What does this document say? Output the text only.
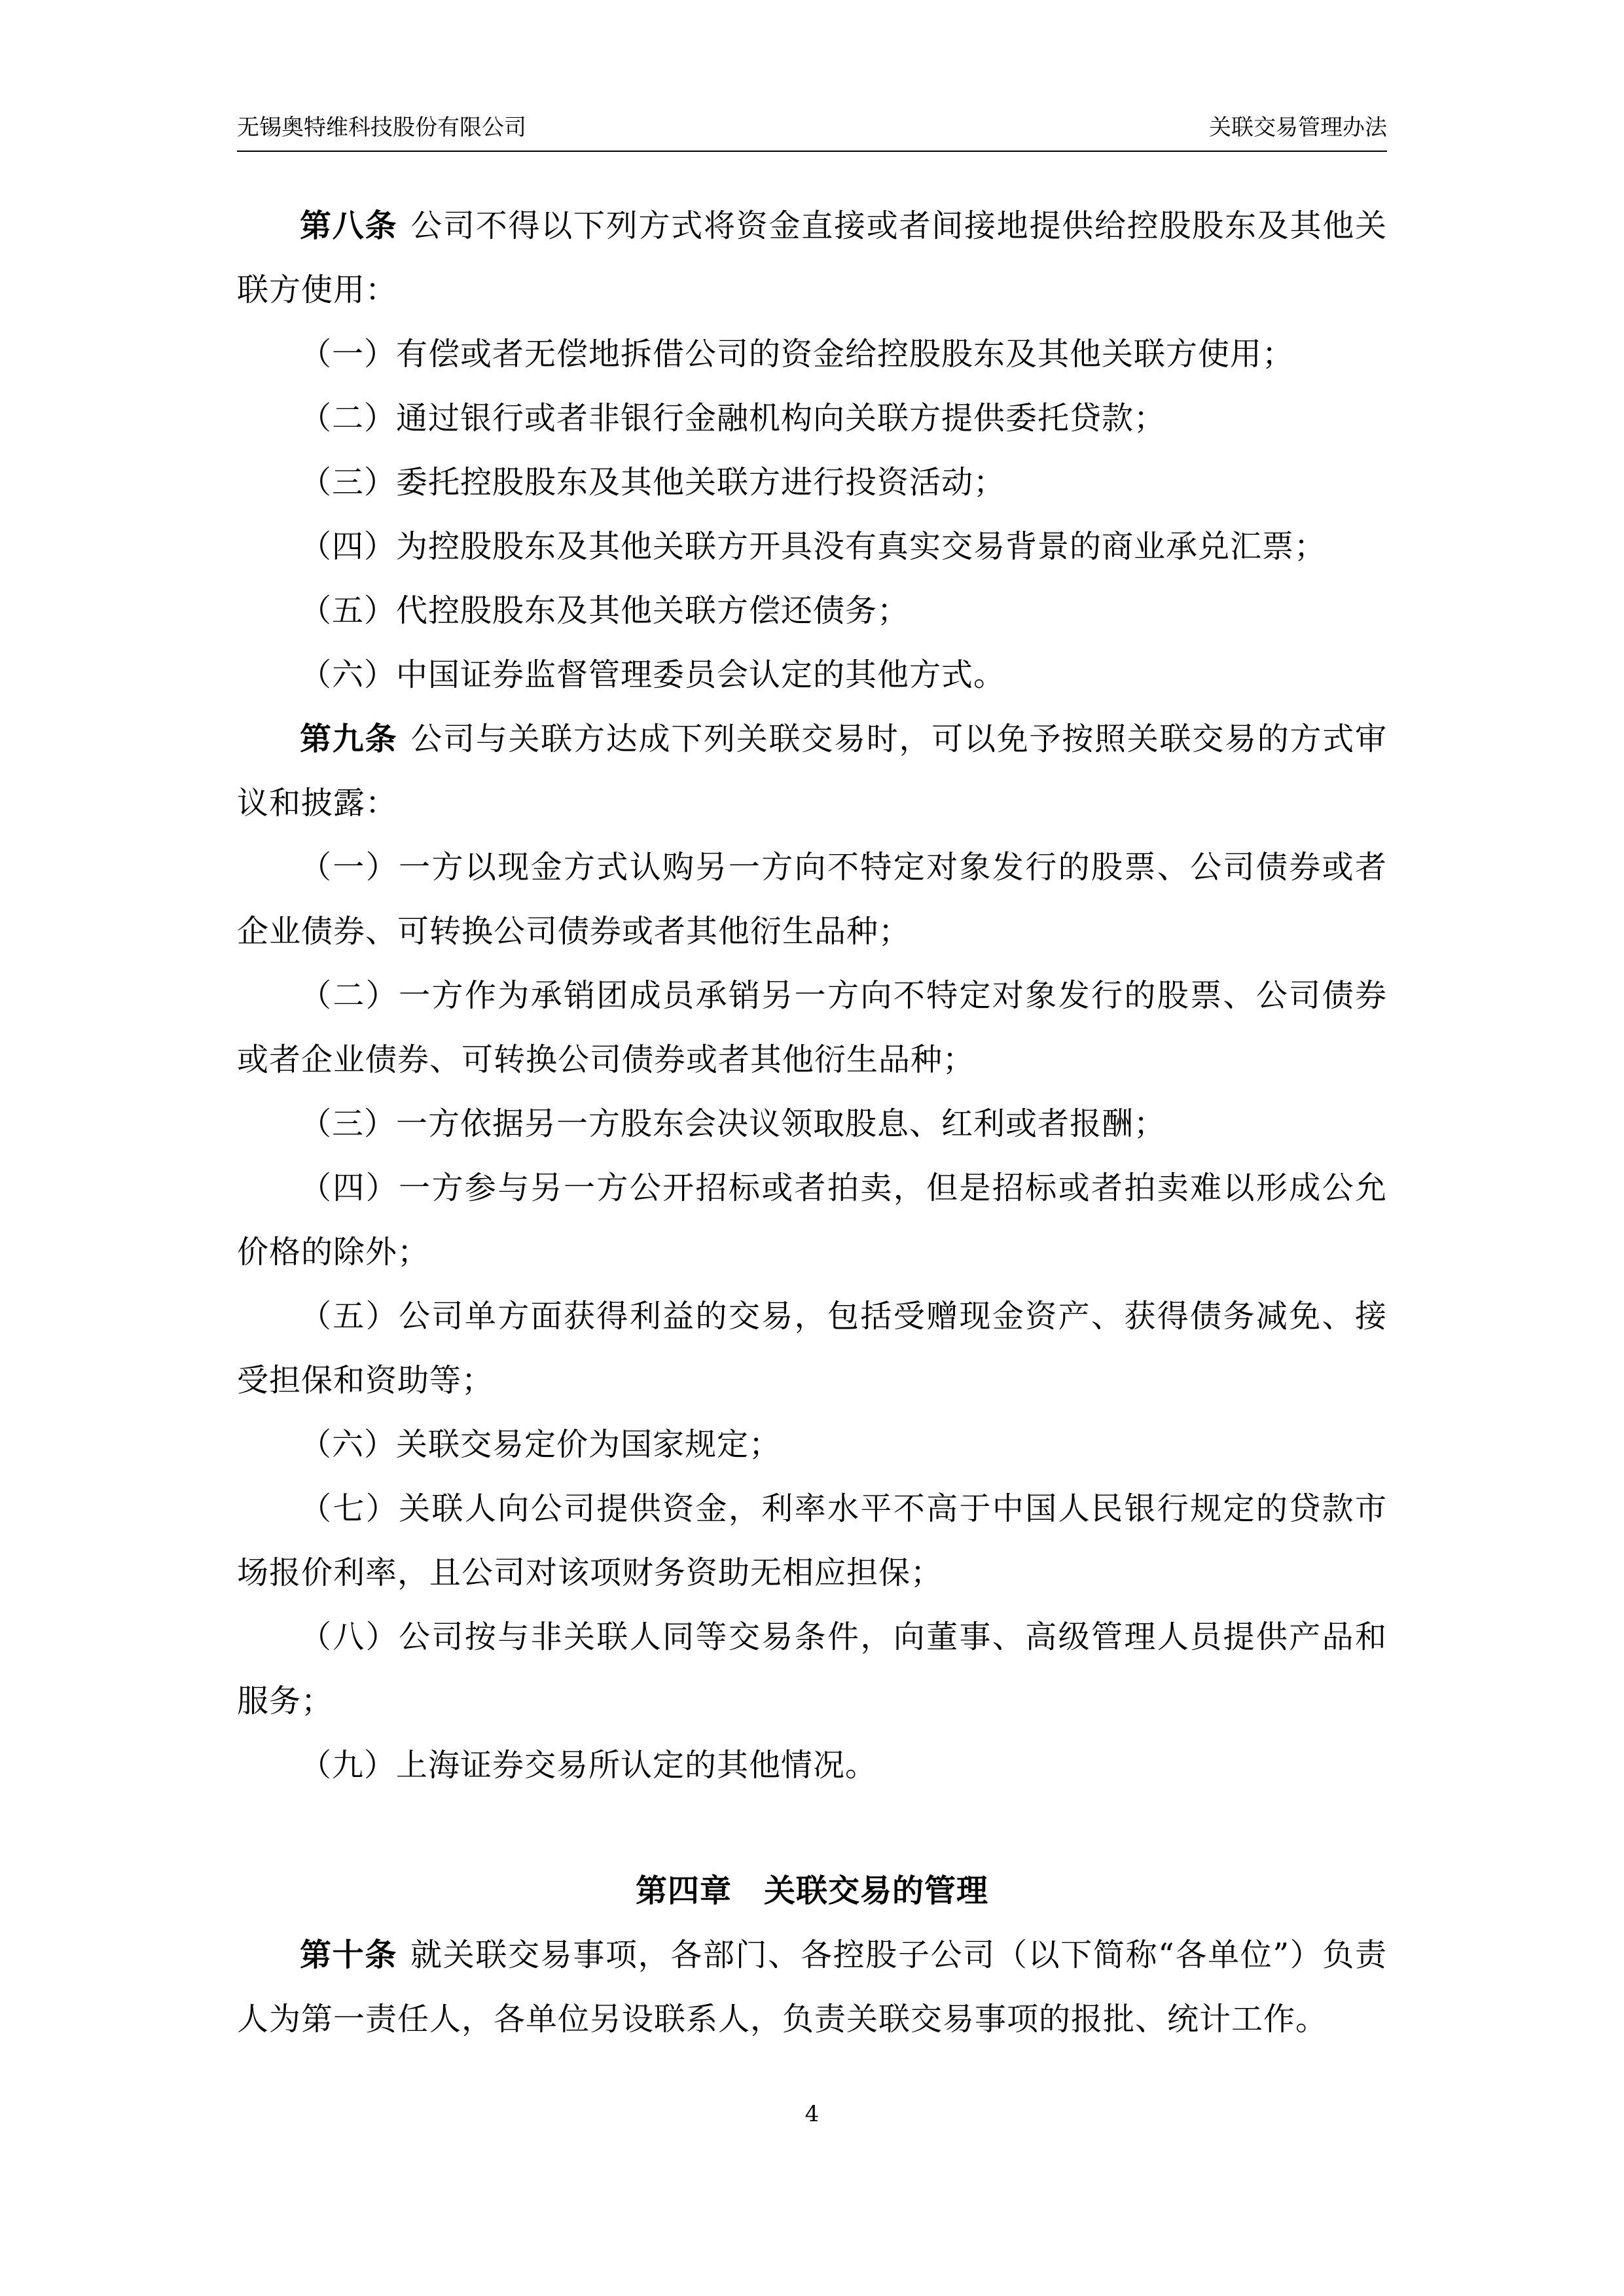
无锡奥特维科技股份有限公司	关联交易管理办法

第八条 公司不得以下列方式将资金直接或者间接地提供给控股股东及其他关联方使用：

（一）有偿或者无偿地拆借公司的资金给控股股东及其他关联方使用；

（二）通过银行或者非银行金融机构向关联方提供委托贷款；

（三）委托控股股东及其他关联方进行投资活动；

（四）为控股股东及其他关联方开具没有真实交易背景的商业承兑汇票；

（五）代控股股东及其他关联方偿还债务；

（六）中国证券监督管理委员会认定的其他方式。

第九条 公司与关联方达成下列关联交易时，可以免予按照关联交易的方式审议和披露：

（一）一方以现金方式认购另一方向不特定对象发行的股票、公司债券或者企业债券、可转换公司债券或者其他衍生品种；

（二）一方作为承销团成员承销另一方向不特定对象发行的股票、公司债券或者企业债券、可转换公司债券或者其他衍生品种；

（三）一方依据另一方股东会决议领取股息、红利或者报酬；

（四）一方参与另一方公开招标或者拍卖，但是招标或者拍卖难以形成公允价格的除外；

（五）公司单方面获得利益的交易，包括受赠现金资产、获得债务减免、接受担保和资助等；

（六）关联交易定价为国家规定；

（七）关联人向公司提供资金，利率水平不高于中国人民银行规定的贷款市场报价利率，且公司对该项财务资助无相应担保；

（八）公司按与非关联人同等交易条件，向董事、高级管理人员提供产品和服务；

（九）上海证券交易所认定的其他情况。

第四章　关联交易的管理

第十条 就关联交易事项，各部门、各控股子公司（以下简称“各单位”）负责人为第一责任人，各单位另设联系人，负责关联交易事项的报批、统计工作。

4
